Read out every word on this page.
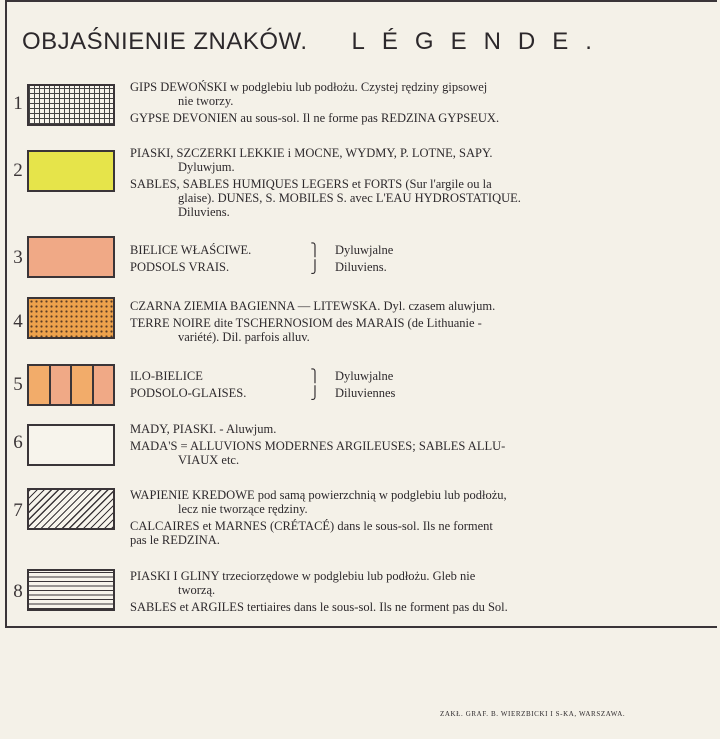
OBJAŚNIENIE ZNAKÓW. LÉGENDE.
1
GIPS DEWOŃSKI w podglebiu lub podłożu. Czystej rędziny gipsowej
nie tworzy.
GYPSE DEVONIEN au sous-sol. Il ne forme pas REDZINA GYPSEUX.
2
PIASKI, SZCZERKI LEKKIE i MOCNE, WYDMY, P. LOTNE, SAPY.
Dyluwjum.
SABLES, SABLES HUMIQUES LEGERS et FORTS (Sur l'argile ou la
glaise). DUNES, S. MOBILES S. avec L'EAU HYDROSTATIQUE.
Diluviens.
3	BIELICE WŁAŚCIWE.	⎫ Dyluwjalne
PODSOLS VRAIS.	⎭ Diluviens.
4
CZARNA ZIEMIA BAGIENNA — LITEWSKA. Dyl. czasem aluwjum.
TERRE NOIRE dite TSCHERNOSIOM des MARAIS (de Lithuanie -
variété). Dil. parfois alluv.
5	ILO-BIELICE	⎫ Dyluwjalne
PODSOLO-GLAISES.	⎭ Diluviennes
6
MADY, PIASKI. - Aluwjum.
MADA'S = ALLUVIONS MODERNES ARGILEUSES; SABLES ALLU-
VIAUX etc.
7
WAPIENIE KREDOWE pod samą powierzchnią w podglebiu lub podłożu,
lecz nie tworzące rędziny.
CALCAIRES et MARNES (CRÉTACÉ) dans le sous-sol. Ils ne forment
pas le REDZINA.
8
PIASKI I GLINY trzeciorzędowe w podglebiu lub podłożu. Gleb nie
tworzą.
SABLES et ARGILES tertiaires dans le sous-sol. Ils ne forment pas du Sol.
ZAKŁ. GRAF. B. WIERZBICKI I S-KA, WARSZAWA.
